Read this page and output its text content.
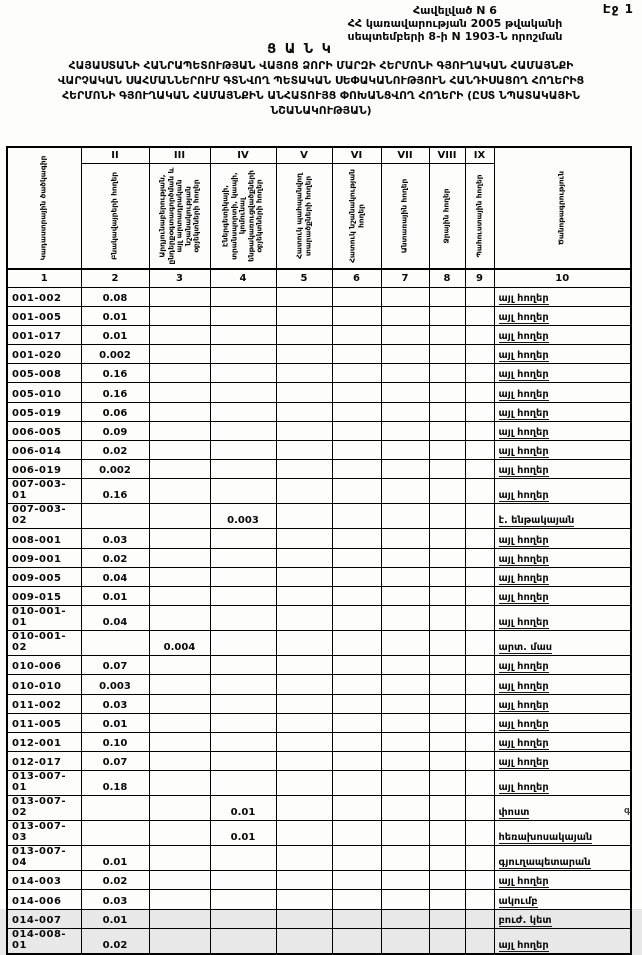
Էջ 1
Հավելված N 6
ՀՀ կառավարության 2005 թվականի
սեպտեմբերի 8-ի N 1903-Ն որոշման
Ց Ա Ն Կ
ՀԱՅԱՍՏԱՆԻ ՀԱՆՐԱՊԵՏՈՒԹՅԱՆ ՎԱՅՈՑ ՁՈՐԻ ՄԱՐԶԻ ՀԵՐՄՈՆԻ ԳՅՈՒՂԱԿԱՆ ՀԱՄԱՅՆՔԻ
ՎԱՐՉԱԿԱՆ ՍԱՀՄԱՆՆԵՐՈՒՄ ԳՏՆՎՈՂ ՊԵՏԱԿԱՆ ՍԵՓԱԿԱՆՈՒԹՅՈՒՆ ՀԱՆԴԻՍԱՑՈՂ ՀՈՂԵՐԻՑ
ՀԵՐՄՈՆԻ ԳՅՈՒՂԱԿԱՆ ՀԱՄԱՅՆՔԻՆ ԱՆՀԱՏՈՒՅՑ ՓՈԽԱՆՑՎՈՂ ՀՈՂԵՐԻ (ԸՍՏ ՆՊԱՏԱԿԱՅԻՆ
ՆՇԱՆԱԿՈՒԹՅԱՆ)
Կադաստրային ծածկագիր	II	III	IV	V	VI	VII	VIII	IX	Ծանոթագրություն

	Բնակավայրերի հողեր	Արդյունաբերության, ընդերքօգտագործման և այլ արտադրական նշանակության օբյեկտների հողեր	Էներգետիկայի, տրանսպորտի, կապի, կոմունալ ենթակառուցվածքների օբյեկտների հողեր	Հատուկ պահպանվող տարածքների հողեր	Հատուկ նշանակության հողեր	Անտառային հողեր	Ջրային հողեր	Պահուստային հողեր	

1	2	3	4	5	6	7	8	9	10
001-002	0.08								այլ հողեր
001-005	0.01								այլ հողեր
001-017	0.01								այլ հողեր
001-020	0.002								այլ հողեր
005-008	0.16								այլ հողեր
005-010	0.16								այլ հողեր
005-019	0.06								այլ հողեր
006-005	0.09								այլ հողեր
006-014	0.02								այլ հողեր
006-019	0.002								այլ հողեր
007-003-01	0.16								այլ հողեր
007-003-02			0.003						է. ենթակայան
008-001	0.03								այլ հողեր
009-001	0.02								այլ հողեր
009-005	0.04								այլ հողեր
009-015	0.01								այլ հողեր
010-001-01	0.04								այլ հողեր
010-001-02		0.004							արտ. մաս
010-006	0.07								այլ հողեր
010-010	0.003								այլ հողեր
011-002	0.03								այլ հողեր
011-005	0.01								այլ հողեր
012-001	0.10								այլ հողեր
012-017	0.07								այլ հողեր
013-007-01	0.18								այլ հողեր
013-007-02			0.01						փոստ
013-007-03			0.01						հեռախոսակայան
013-007-04	0.01								գյուղապետարան
014-003	0.02								այլ հողեր
014-006	0.03								ակումբ
014-007	0.01								բուժ. կետ
014-008-01	0.02								այլ հողեր
գ
